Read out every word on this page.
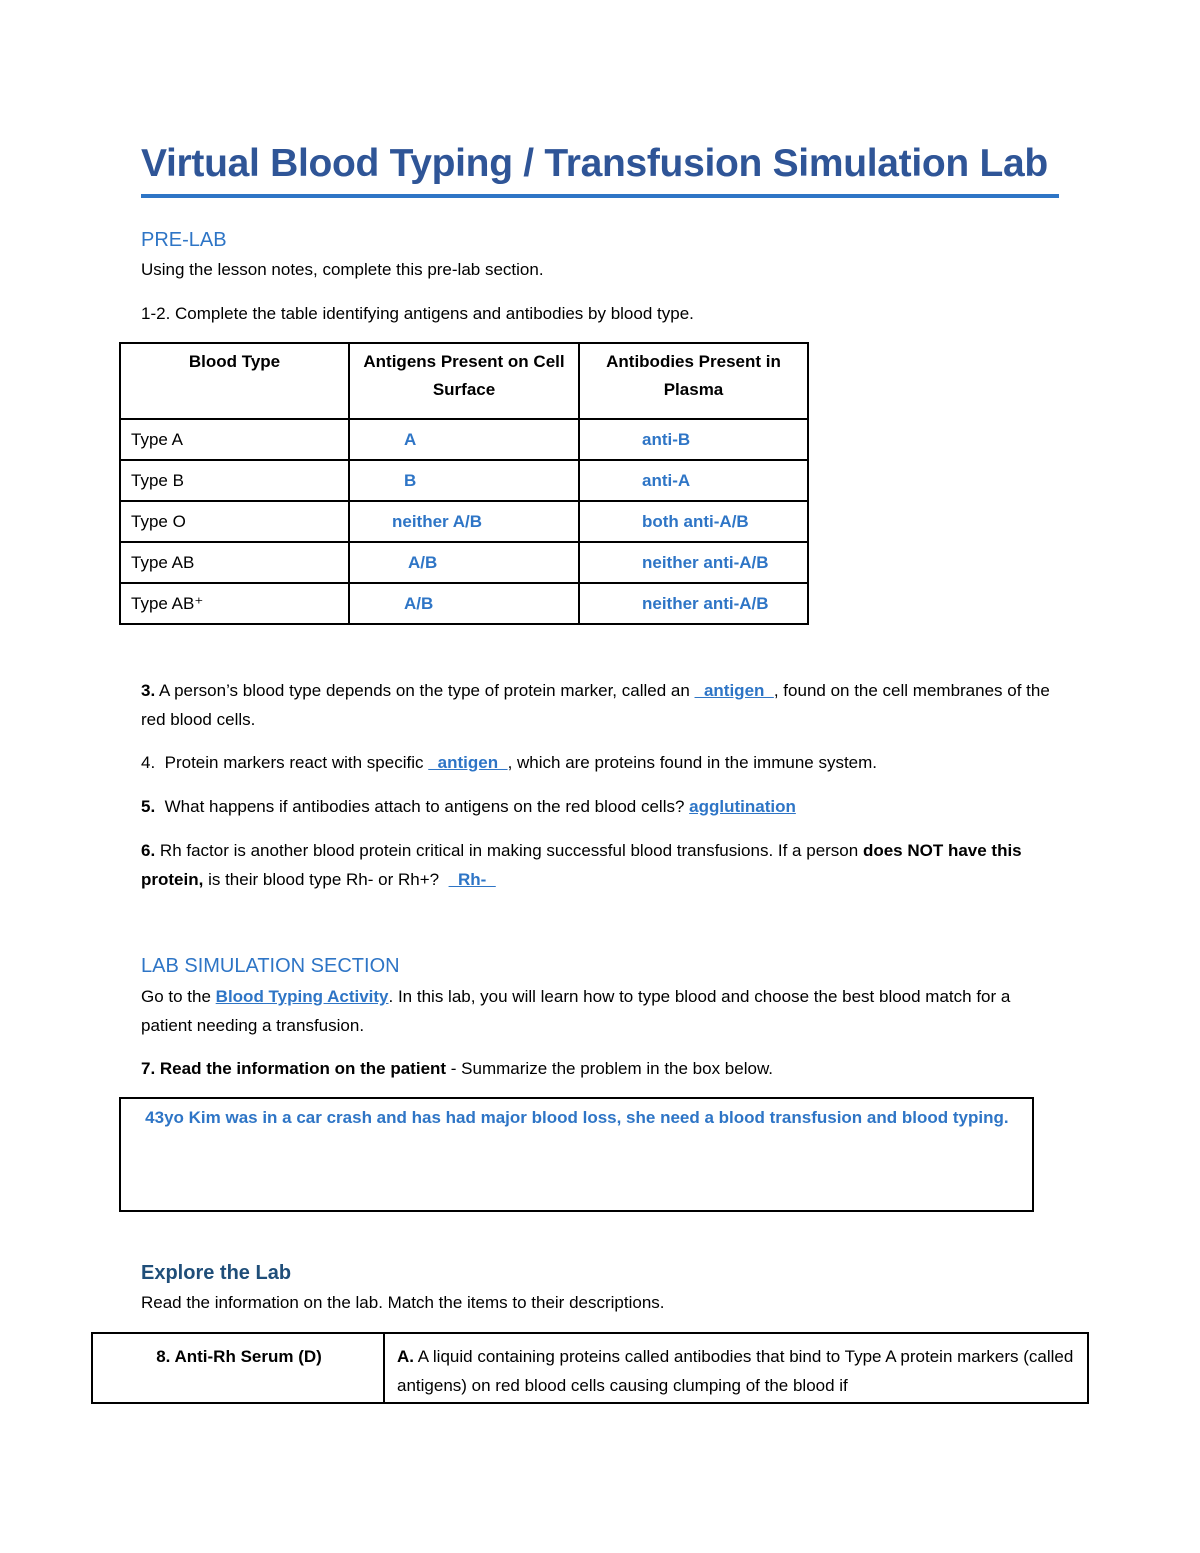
Virtual Blood Typing / Transfusion Simulation Lab
PRE-LAB
Using the lesson notes, complete this pre-lab section.
1-2. Complete the table identifying antigens and antibodies by blood type.
Blood Type	Antigens Present on Cell Surface	Antibodies Present in Plasma
Type A	A	anti-B
Type B	B	anti-A
Type O	neither A/B	both anti-A/B
Type AB	A/B	neither anti-A/B
Type AB⁺	A/B	neither anti-A/B
3. A person’s blood type depends on the type of protein marker, called an   antigen  , found on the cell membranes of the red blood cells.
4.  Protein markers react with specific   antigen  , which are proteins found in the immune system.
5.  What happens if antibodies attach to antigens on the red blood cells? agglutination
6. Rh factor is another blood protein critical in making successful blood transfusions. If a person does NOT have this protein, is their blood type Rh- or Rh+?    Rh-
LAB SIMULATION SECTION
Go to the Blood Typing Activity. In this lab, you will learn how to type blood and choose the best blood match for a patient needing a transfusion.
7. Read the information on the patient - Summarize the problem in the box below.
43yo Kim was in a car crash and has had major blood loss, she need a blood transfusion and blood typing.
Explore the Lab
Read the information on the lab. Match the items to their descriptions.
8. Anti-Rh Serum (D)	A. A liquid containing proteins called antibodies that bind to Type A protein markers (called antigens) on red blood cells causing clumping of the blood if
